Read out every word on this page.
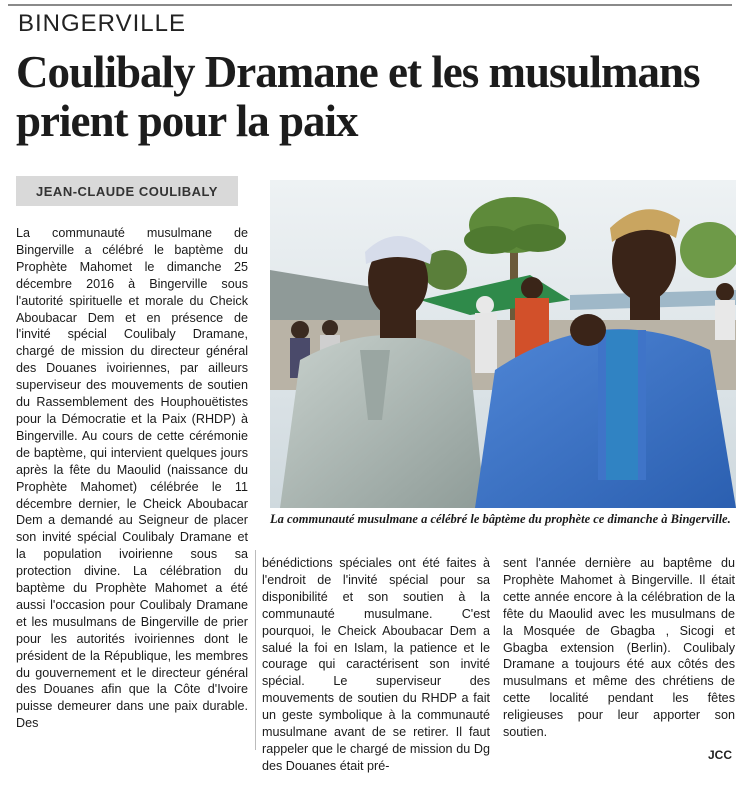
BINGERVILLE
Coulibaly Dramane et les musulmans prient pour la paix
JEAN-CLAUDE COULIBALY
La communauté musulmane de Bingerville a célébré le baptème du Prophète Mahomet le dimanche 25 décembre 2016 à Bingerville sous l'autorité spirituelle et morale du Cheick Aboubacar Dem et en présence de l'invité spécial Coulibaly Dramane, chargé de mission du directeur général des Douanes ivoiriennes, par ailleurs superviseur des mouvements de soutien du Rassemblement des Houphouëtistes pour la Démocratie et la Paix (RHDP) à Bingerville. Au cours de cette cérémonie de baptème, qui intervient quelques jours après la fête du Maoulid (naissance du Prophète Mahomet) célébrée le 11 décembre dernier, le Cheick Aboubacar Dem a demandé au Seigneur de placer son invité spécial Coulibaly Dramane et la population ivoirienne sous sa protection divine. La célébration du baptème du Prophète Mahomet a été aussi l'occasion pour Coulibaly Dramane et les musulmans de Bingerville de prier pour les autorités ivoiriennes dont le président de la République, les membres du gouvernement et le directeur général des Douanes afin que la Côte d'Ivoire puisse demeurer dans une paix durable. Des
La communauté musulmane a célébré le bâptème du prophète ce dimanche à Bingerville.
bénédictions spéciales ont été faites à l'endroit de l'invité spécial pour sa disponibilité et son soutien à la communauté musulmane. C'est pourquoi, le Cheick Aboubacar Dem a salué la foi en Islam, la patience et le courage qui caractérisent son invité spécial. Le superviseur des mouvements de soutien du RHDP a fait un geste symbolique à la communauté musulmane avant de se retirer. Il faut rappeler que le chargé de mission du Dg des Douanes était pré-
sent l'année dernière au baptême du Prophète Mahomet à Bingerville. Il était cette année encore à la célébration de la fête du Maoulid avec les musulmans de la Mosquée de Gbagba , Sicogi et Gbagba extension (Berlin). Coulibaly Dramane a toujours été aux côtés des musulmans et même des chrétiens de cette localité pendant les fêtes religieuses pour leur apporter son soutien.
JCC
